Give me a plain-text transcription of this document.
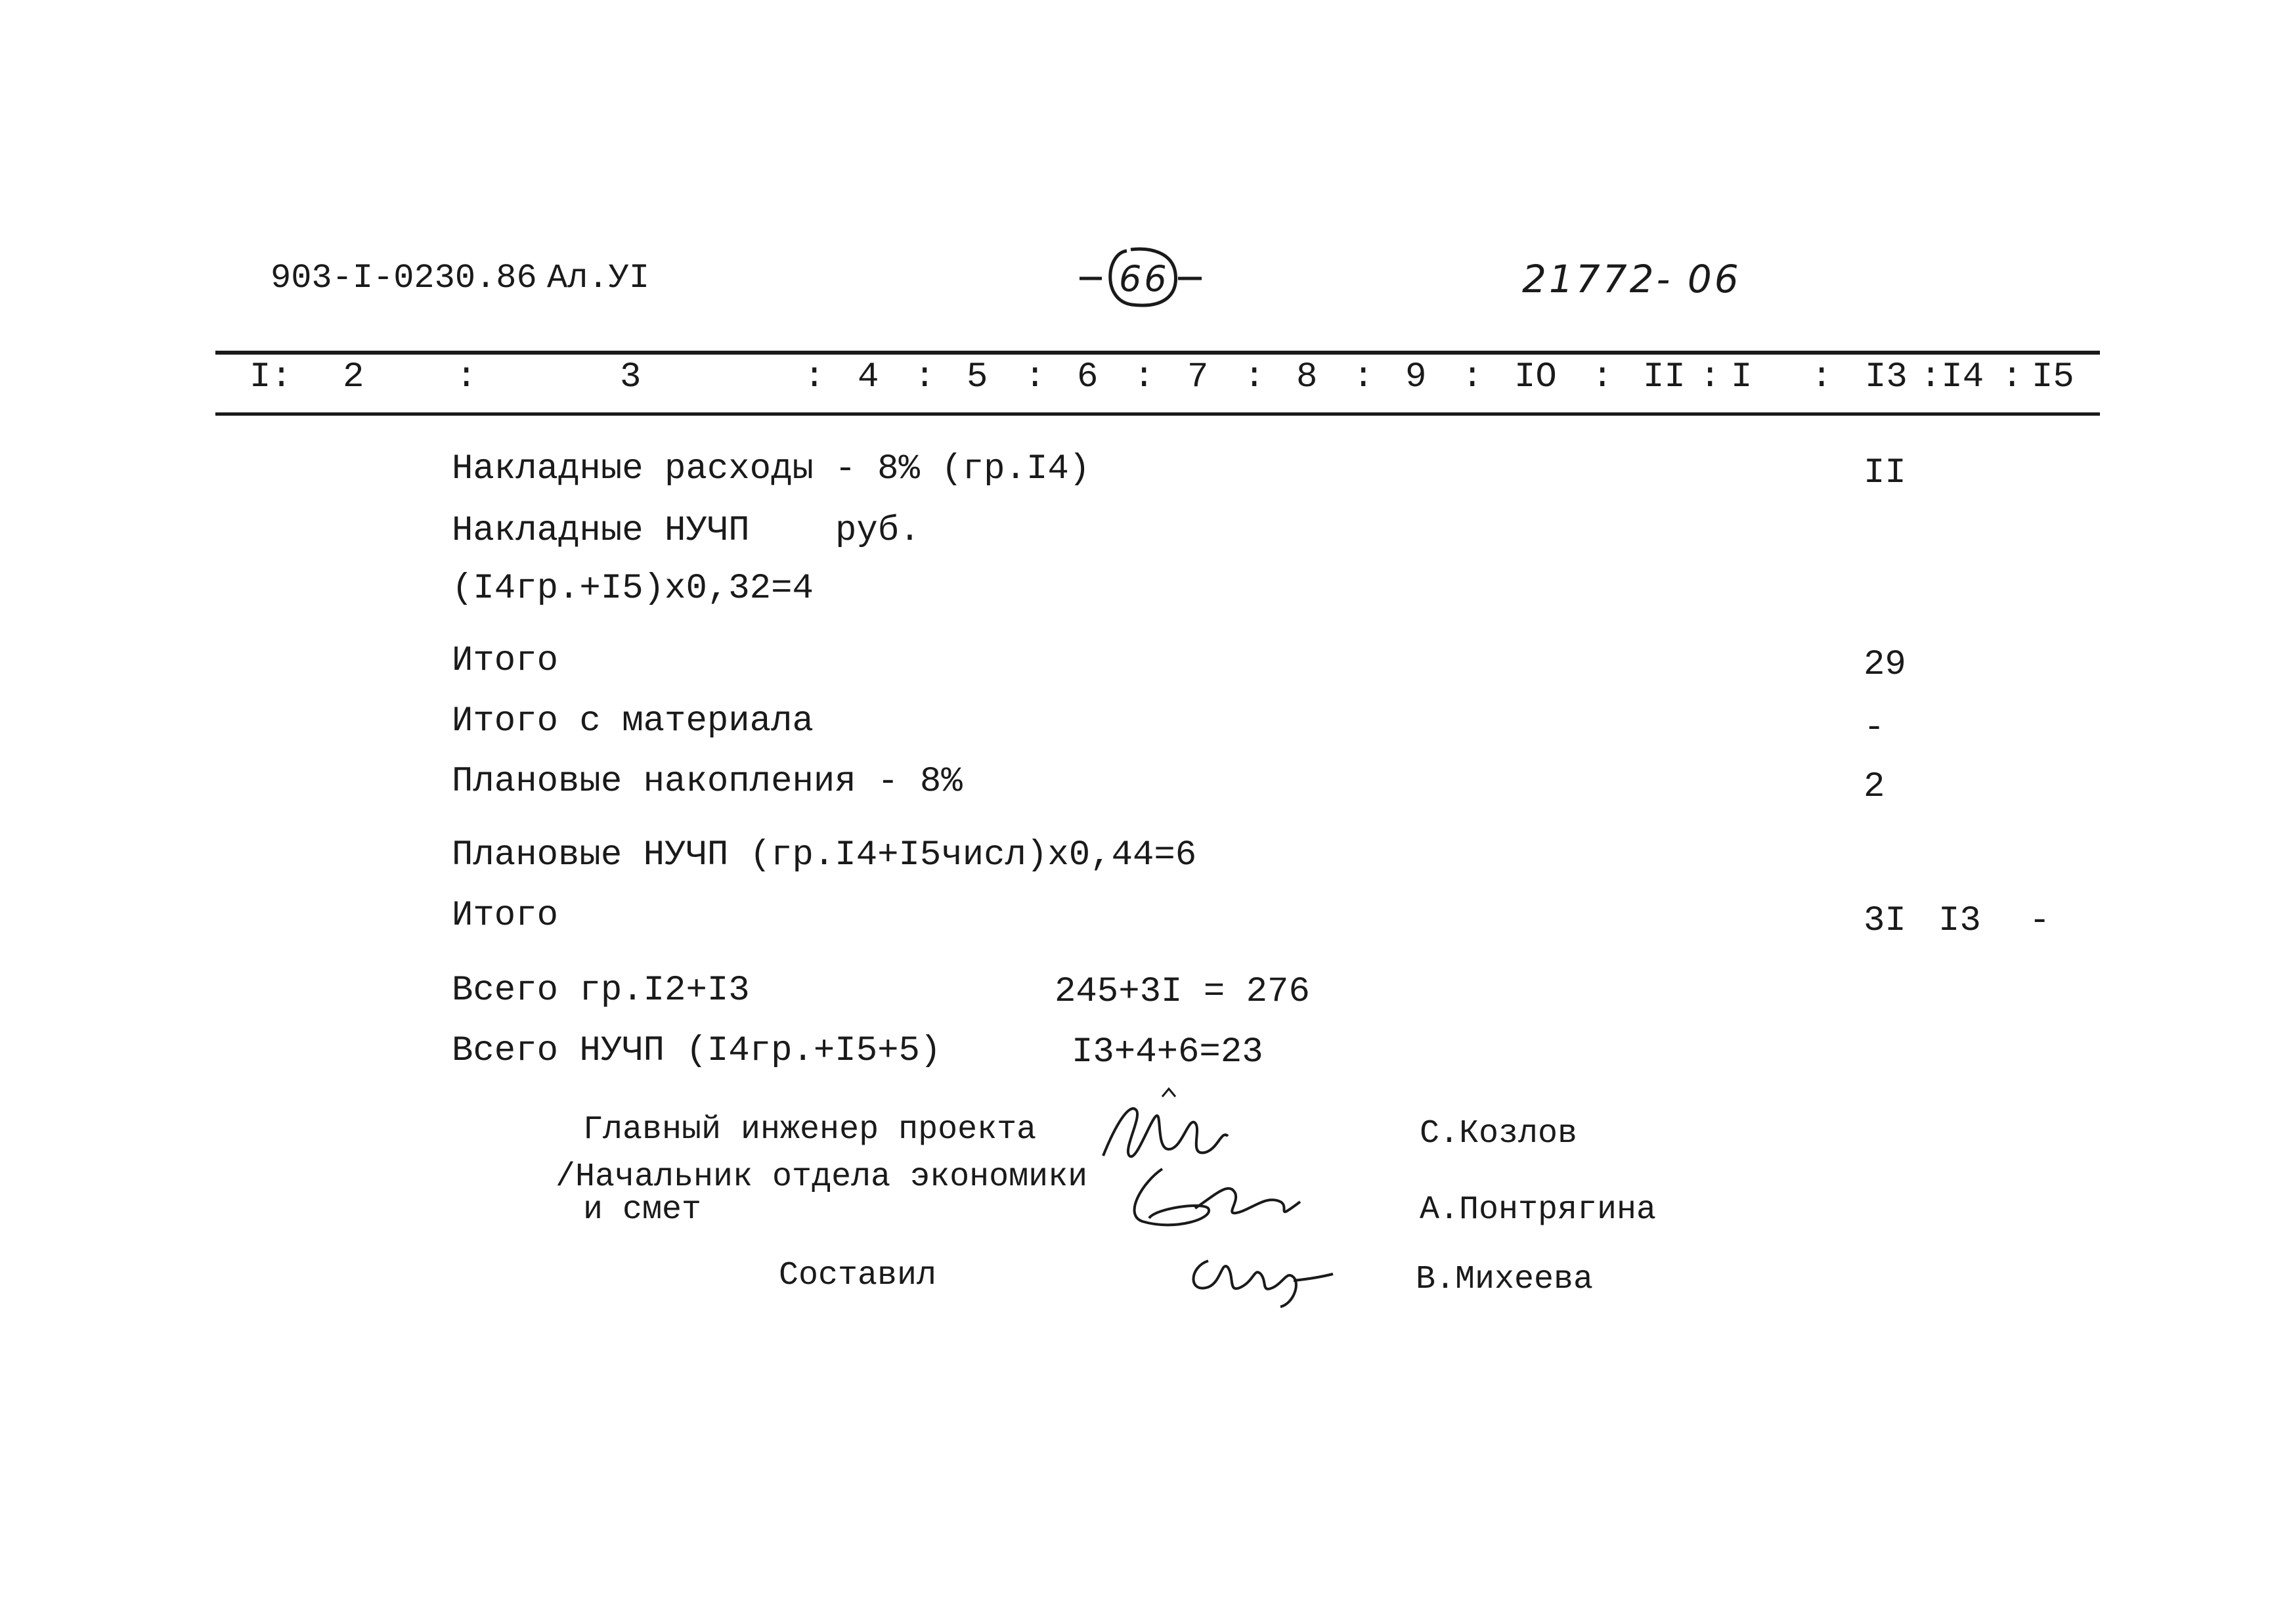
903-I-0230.86 Ал.УI	66	21772- 06
I: 2	:	3	: 4 : 5 : 6 : 7 : 8 : 9 : IO : II : I : I3 :I4 : I5
Накладные расходы - 8% (гр.I4)	II
Накладные НУЧП руб.
(I4гр.+I5)х0,32=4
Итого	29
Итого с материала	-
Плановые накопления - 8%	2
Плановые НУЧП (гр.I4+I5числ)х0,44=6
Итого	3I I3 -
Всего гр.I2+I3	245+3I = 276
Всего НУЧП (I4гр.+I5+5)	I3+4+6=23
Главный инженер проекта	С.Козлов
/Начальник отдела экономики
и смет	А.Понтрягина
Составил	В.Михеева
